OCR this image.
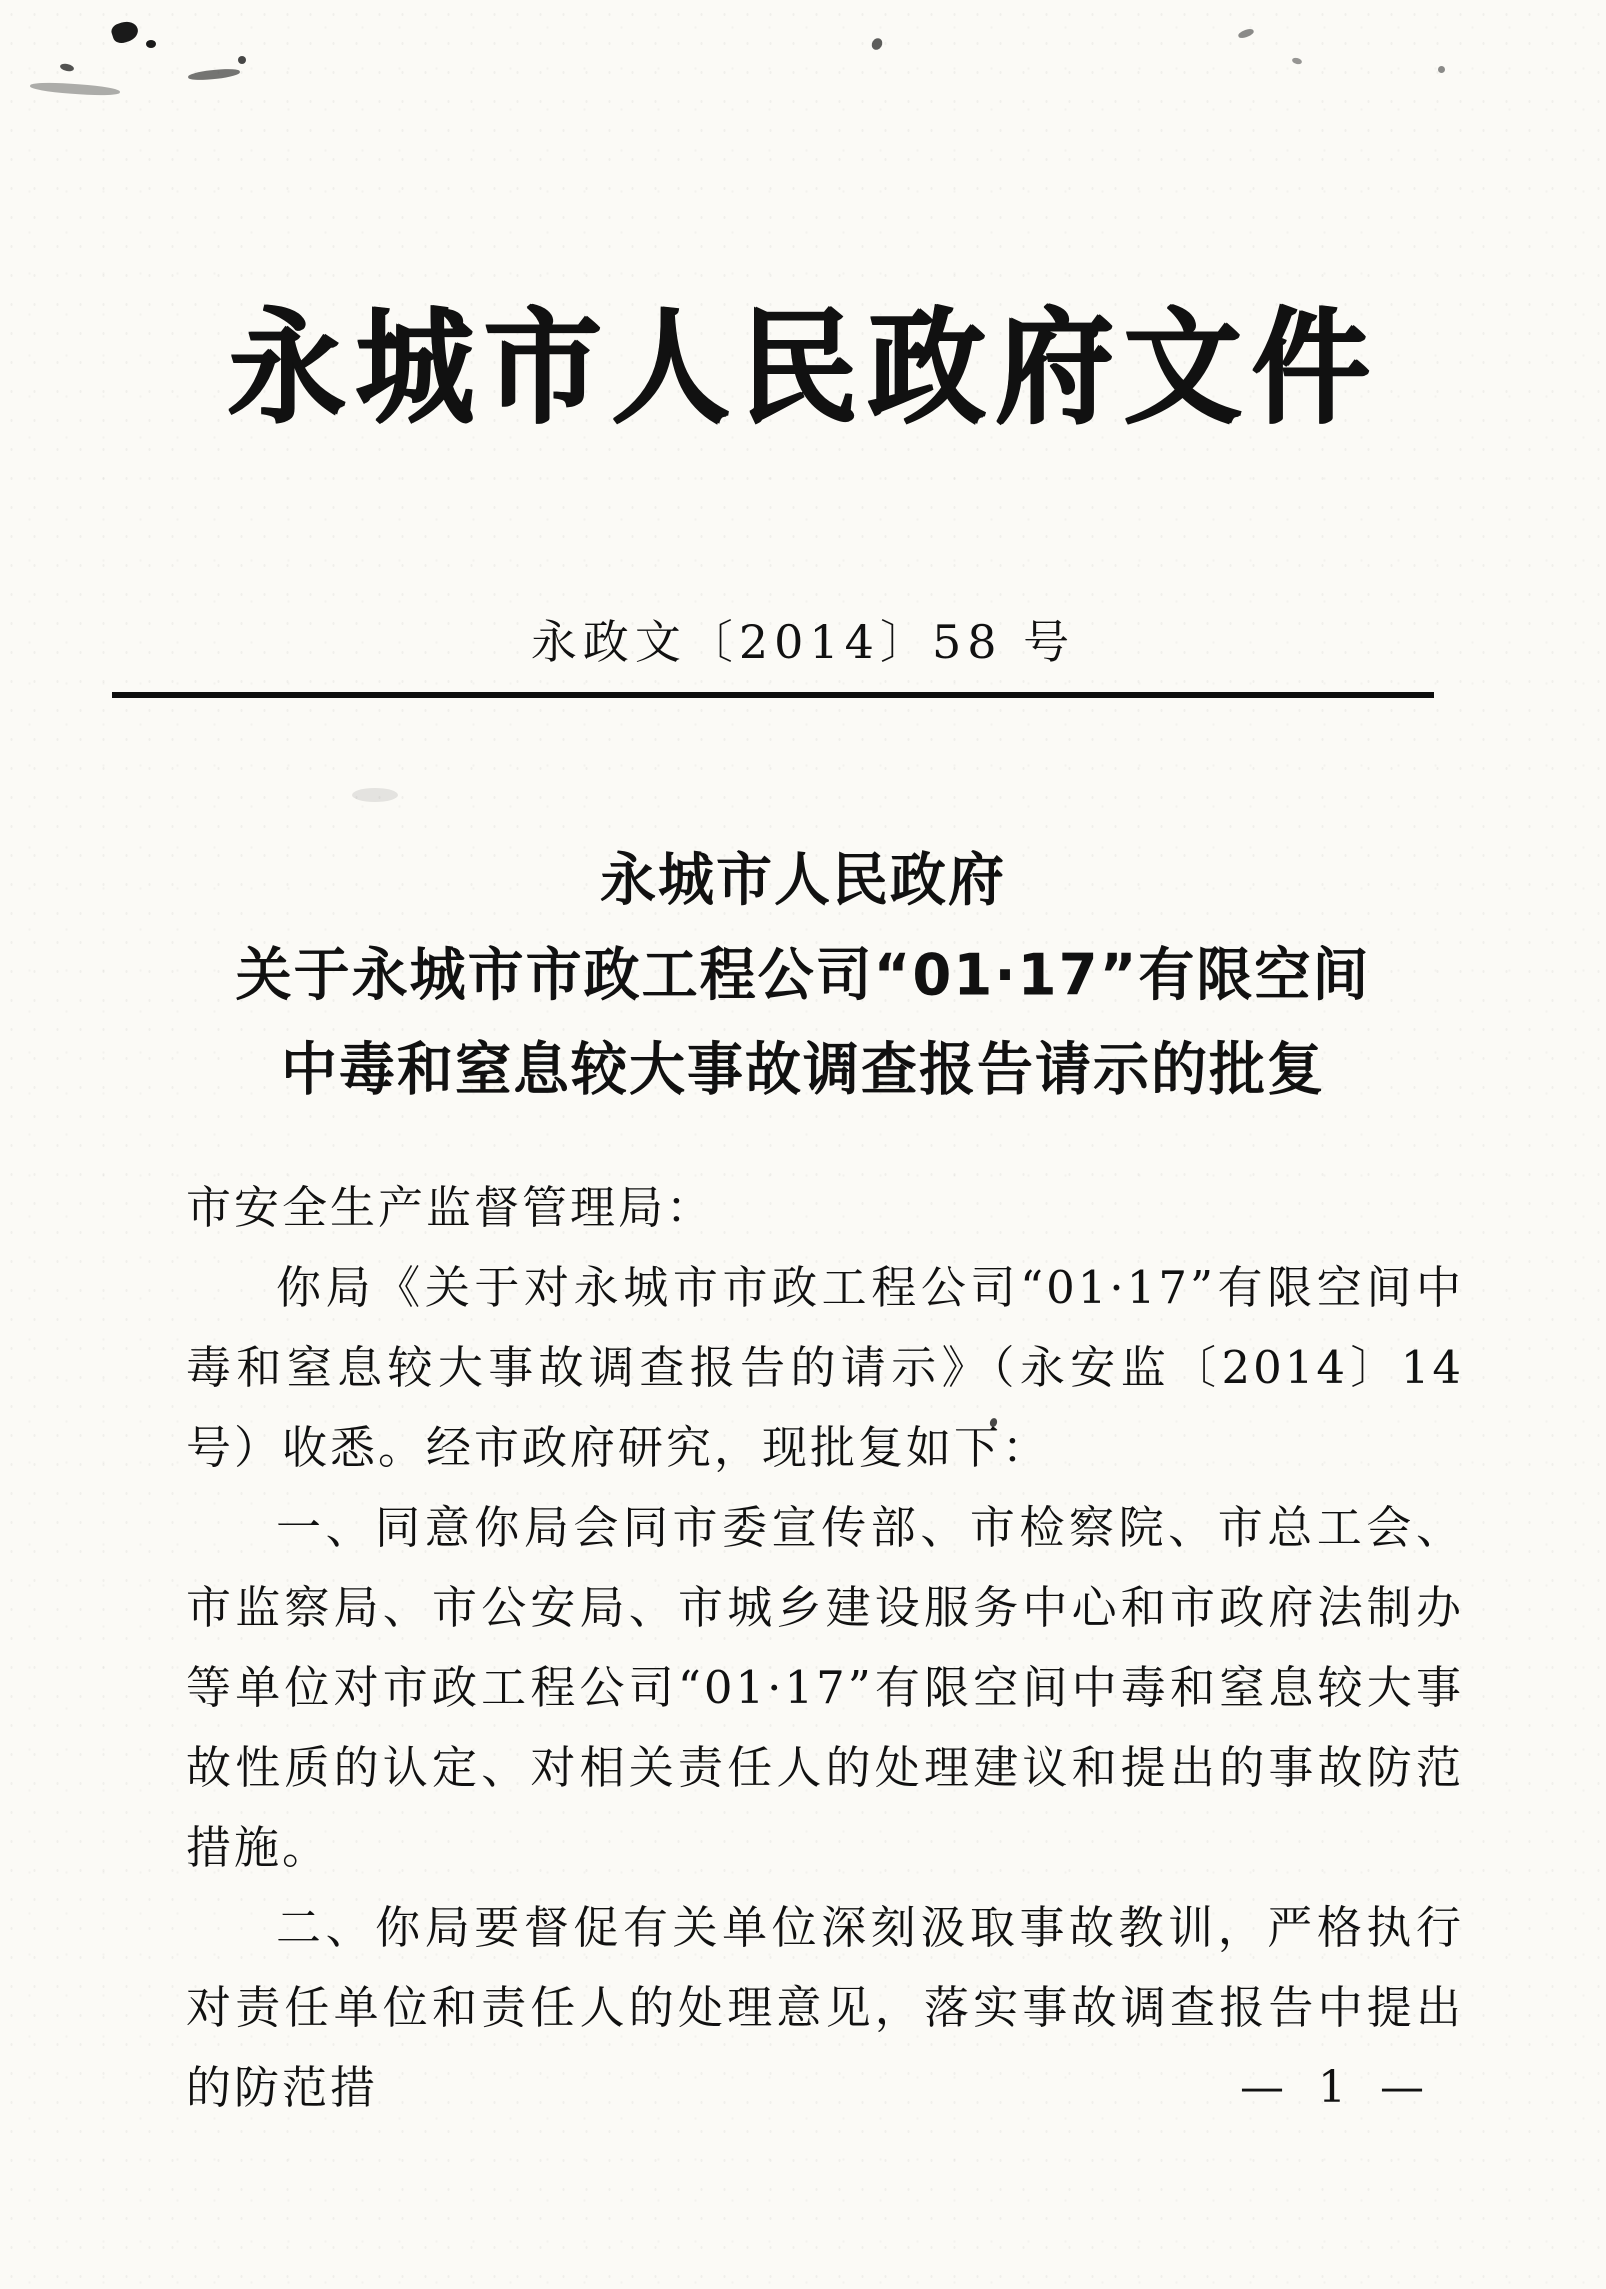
永城市人民政府文件
永政文〔2014〕58 号
永城市人民政府
关于永城市市政工程公司“01·17”有限空间
中毒和窒息较大事故调查报告请示的批复

市安全生产监督管理局：

你局《关于对永城市市政工程公司“01·17”有限空间中毒和窒息较大事故调查报告的请示》（永安监〔2014〕14 号）收悉。经市政府研究，现批复如下：

一、同意你局会同市委宣传部、市检察院、市总工会、市监察局、市公安局、市城乡建设服务中心和市政府法制办等单位对市政工程公司“01·17”有限空间中毒和窒息较大事故性质的认定、对相关责任人的处理建议和提出的事故防范措施。

二、你局要督促有关单位深刻汲取事故教训，严格执行对责任单位和责任人的处理意见，落实事故调查报告中提出的防范措	— 1 —
